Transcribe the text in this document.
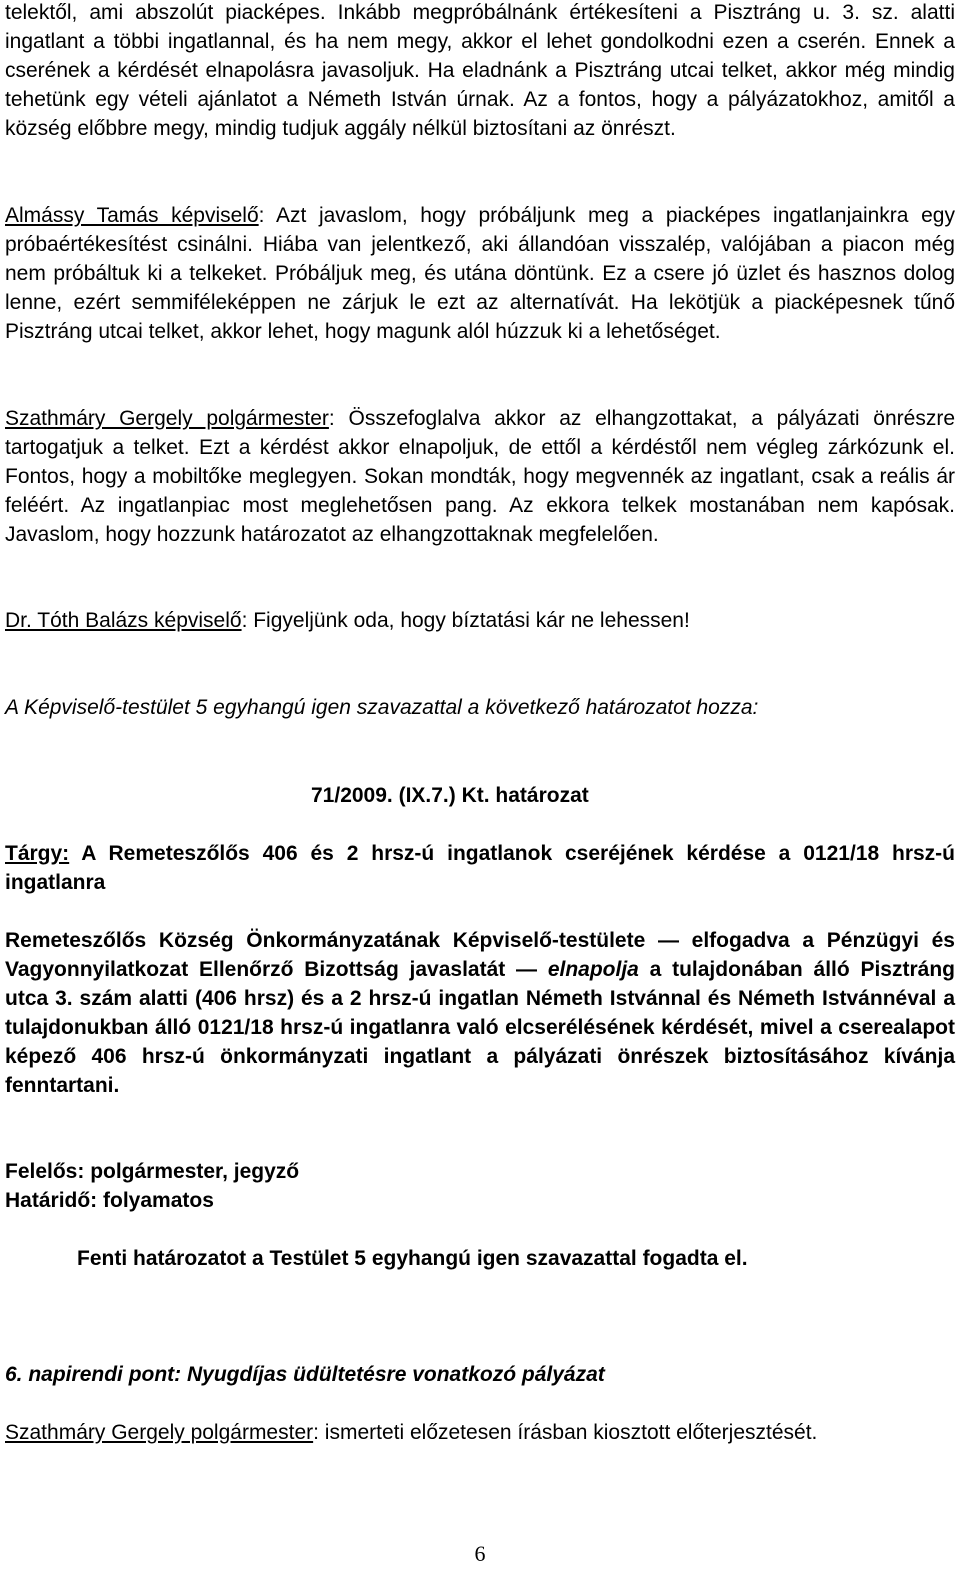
telektől, ami abszolút piacképes. Inkább megpróbálnánk értékesíteni a Pisztráng u. 3. sz. alatti ingatlant a többi ingatlannal, és ha nem megy, akkor el lehet gondolkodni ezen a cserén. Ennek a cserének a kérdését elnapolásra javasoljuk. Ha eladnánk a Pisztráng utcai telket, akkor még mindig tehetünk egy vételi ajánlatot a Németh István úrnak. Az a fontos, hogy a pályázatokhoz, amitől a község előbbre megy, mindig tudjuk aggály nélkül biztosítani az önrészt.

Almássy Tamás képviselő: Azt javaslom, hogy próbáljunk meg a piacképes ingatlanjainkra egy próbaértékesítést csinálni. Hiába van jelentkező, aki állandóan visszalép, valójában a piacon még nem próbáltuk ki a telkeket. Próbáljuk meg, és utána döntünk. Ez a csere jó üzlet és hasznos dolog lenne, ezért semmiféleképpen ne zárjuk le ezt az alternatívát. Ha lekötjük a piacképesnek tűnő Pisztráng utcai telket, akkor lehet, hogy magunk alól húzzuk ki a lehetőséget.

Szathmáry Gergely polgármester: Összefoglalva akkor az elhangzottakat, a pályázati önrészre tartogatjuk a telket. Ezt a kérdést akkor elnapoljuk, de ettől a kérdéstől nem végleg zárkózunk el. Fontos, hogy a mobiltőke meglegyen. Sokan mondták, hogy megvennék az ingatlant, csak a reális ár feléért. Az ingatlanpiac most meglehetősen pang. Az ekkora telkek mostanában nem kapósak. Javaslom, hogy hozzunk határozatot az elhangzottaknak megfelelően.

Dr. Tóth Balázs képviselő: Figyeljünk oda, hogy bíztatási kár ne lehessen!

A Képviselő-testület 5 egyhangú igen szavazattal a következő határozatot hozza:

71/2009. (IX.7.) Kt. határozat

Tárgy: A Remeteszőlős 406 és 2 hrsz-ú ingatlanok cseréjének kérdése a 0121/18 hrsz-ú ingatlanra

Remeteszőlős Község Önkormányzatának Képviselő-testülete — elfogadva a Pénzügyi és Vagyonnyilatkozat Ellenőrző Bizottság javaslatát — elnapolja a tulajdonában álló Pisztráng utca 3. szám alatti (406 hrsz) és a 2 hrsz-ú ingatlan Németh Istvánnal és Németh Istvánnéval a tulajdonukban álló 0121/18 hrsz-ú ingatlanra való elcserélésének kérdését, mivel a cserealapot képező 406 hrsz-ú önkormányzati ingatlant a pályázati önrészek biztosításához kívánja fenntartani.

Felelős: polgármester, jegyző

Határidő: folyamatos

Fenti határozatot a Testület 5 egyhangú igen szavazattal fogadta el.

6. napirendi pont: Nyugdíjas üdültetésre vonatkozó pályázat

Szathmáry Gergely polgármester: ismerteti előzetesen írásban kiosztott előterjesztését.

6
